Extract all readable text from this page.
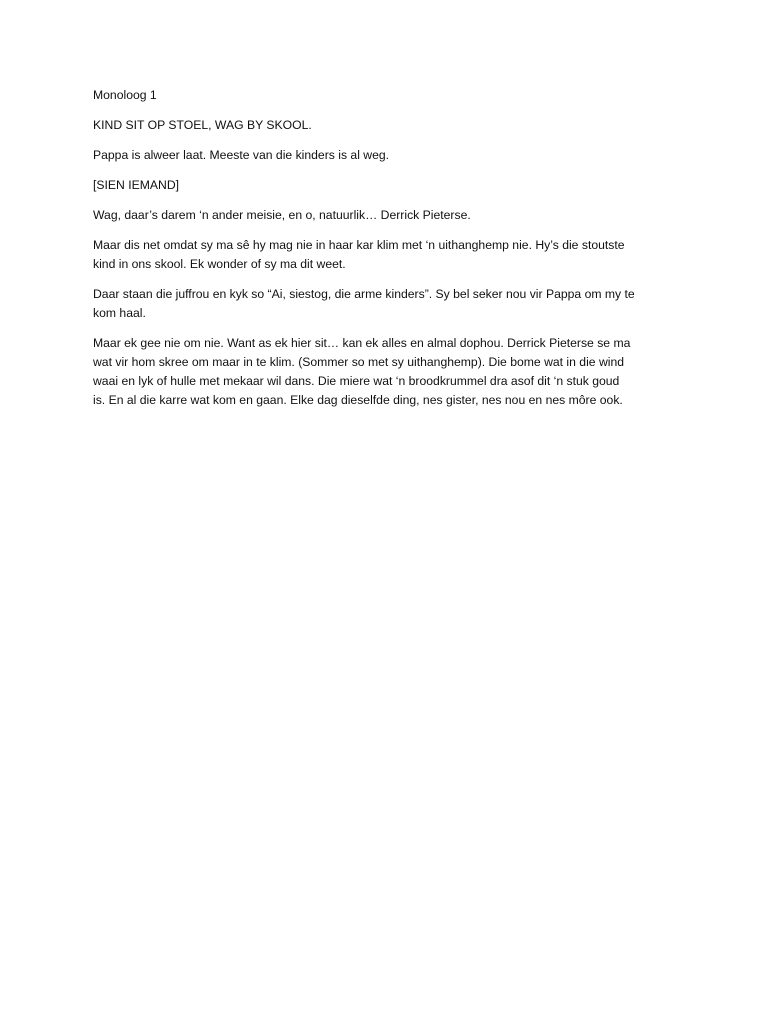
Monoloog 1

KIND SIT OP STOEL, WAG BY SKOOL.

Pappa is alweer laat. Meeste van die kinders is al weg.

[SIEN IEMAND]

Wag, daar’s darem ‘n ander meisie, en o, natuurlik… Derrick Pieterse.

Maar dis net omdat sy ma sê hy mag nie in haar kar klim met ‘n uithanghemp nie. Hy’s die stoutste
kind in ons skool. Ek wonder of sy ma dit weet.

Daar staan die juffrou en kyk so “Ai, siestog, die arme kinders”. Sy bel seker nou vir Pappa om my te
kom haal.

Maar ek gee nie om nie. Want as ek hier sit… kan ek alles en almal dophou. Derrick Pieterse se ma
wat vir hom skree om maar in te klim. (Sommer so met sy uithanghemp). Die bome wat in die wind
waai en lyk of hulle met mekaar wil dans. Die miere wat ‘n broodkrummel dra asof dit ‘n stuk goud
is. En al die karre wat kom en gaan. Elke dag dieselfde ding, nes gister, nes nou en nes môre ook.
